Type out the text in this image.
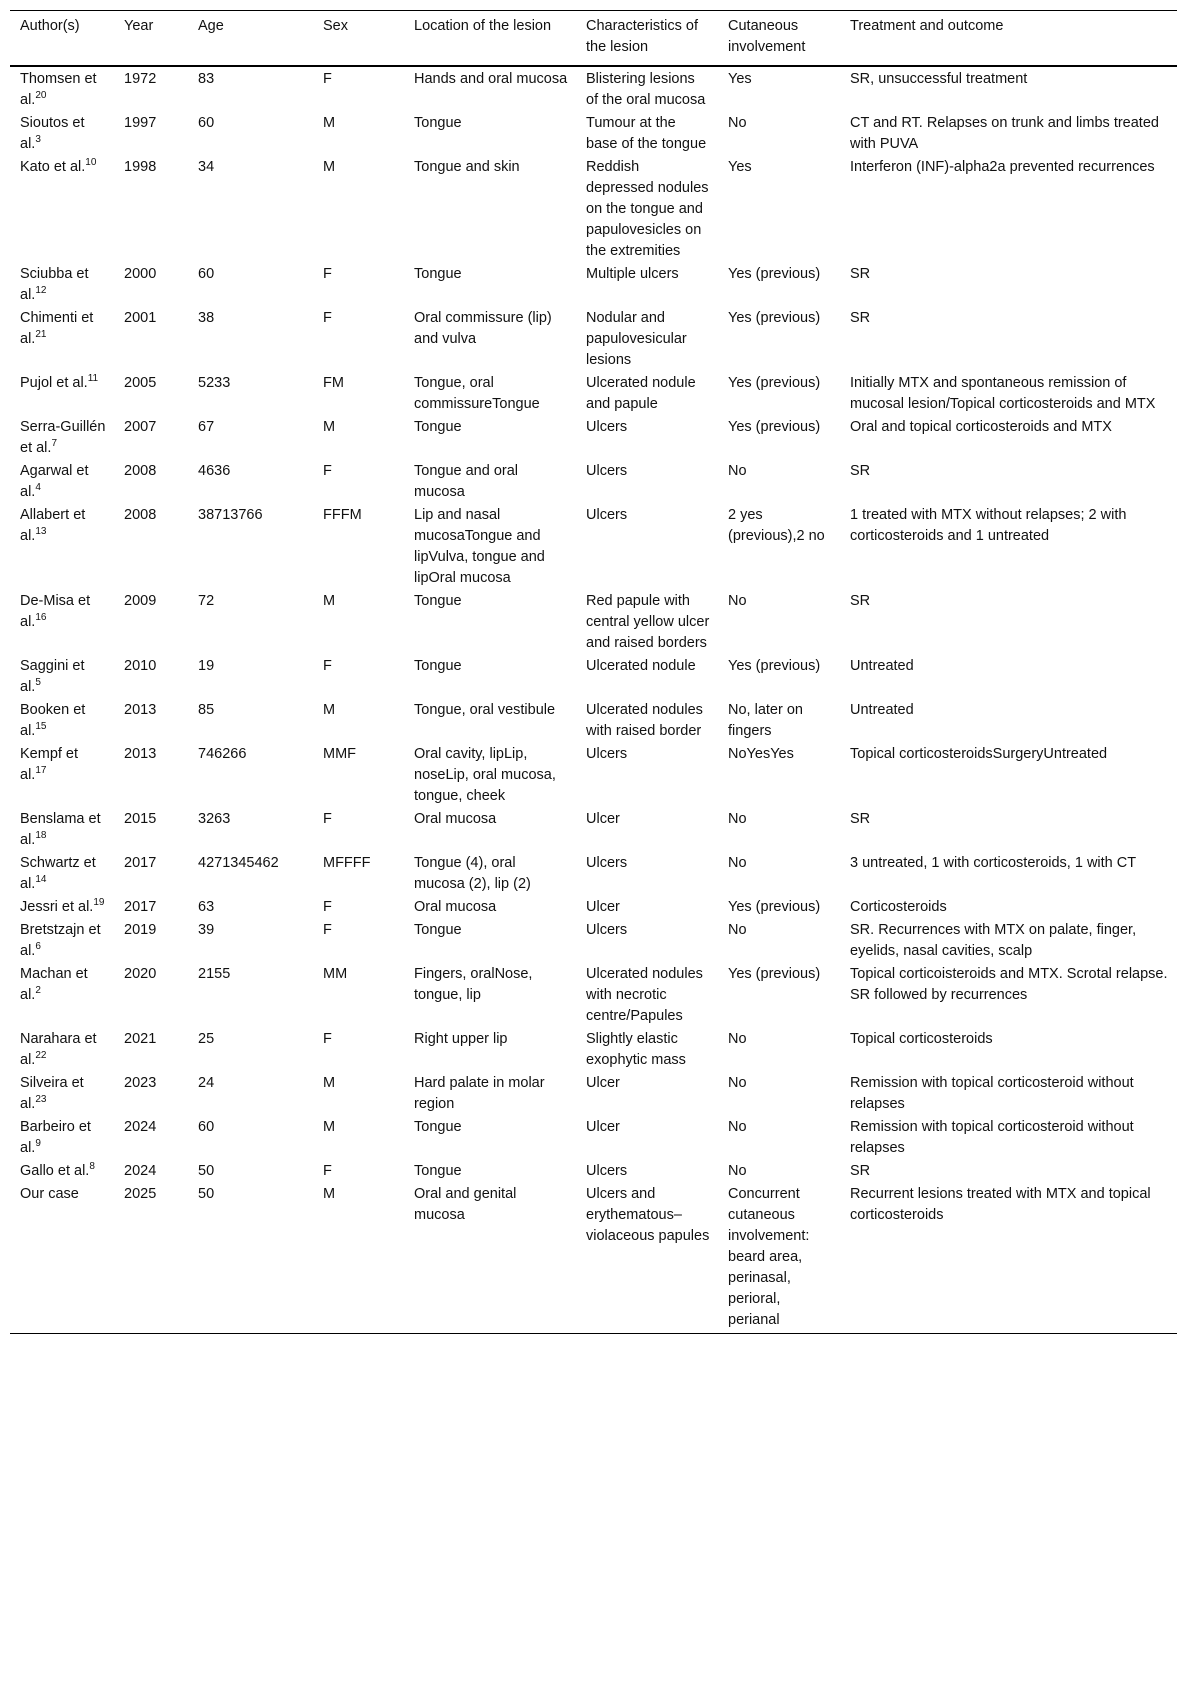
Author(s)	Year	Age	Sex	Location of the lesion	Characteristics of the lesion	Cutaneous involvement	Treatment and outcome
Thomsen et al.$^{20}$	1972	83	F	Hands and oral mucosa	Blistering lesions of the oral mucosa	Yes	SR, unsuccessful treatment
Sioutos et al.$^3$	1997	60	M	Tongue	Tumour at the base of the tongue	No	CT and RT. Relapses on trunk and limbs treated with PUVA
Kato et al.$^{10}$	1998	34	M	Tongue and skin	Reddish depressed nodules on the tongue and papulovesicles on the extremities	Yes	Interferon (INF)-alpha2a prevented recurrences
Sciubba et al.$^{12}$	2000	60	F	Tongue	Multiple ulcers	Yes (previous)	SR
Chimenti et al.$^{21}$	2001	38	F	Oral commissure (lip) and vulva	Nodular and papulovesicular lesions	Yes (previous)	SR
Pujol et al.$^{11}$	2005	5233	FM	Tongue, oral commissureTongue	Ulcerated nodule and papule	Yes (previous)	Initially MTX and spontaneous remission of mucosal lesion/Topical corticosteroids and MTX
Serra-Guillén et al.$^7$	2007	67	M	Tongue	Ulcers	Yes (previous)	Oral and topical corticosteroids and MTX
Agarwal et al.$^4$	2008	4636	F	Tongue and oral mucosa	Ulcers	No	SR
Allabert et al.$^{13}$	2008	38713766	FFFM	Lip and nasal mucosaTongue and lipVulva, tongue and lipOral mucosa	Ulcers	2 yes (previous),2 no	1 treated with MTX without relapses; 2 with corticosteroids and 1 untreated
De-Misa et al.$^{16}$	2009	72	M	Tongue	Red papule with central yellow ulcer and raised borders	No	SR
Saggini et al.$^5$	2010	19	F	Tongue	Ulcerated nodule	Yes (previous)	Untreated
Booken et al.$^{15}$	2013	85	M	Tongue, oral vestibule	Ulcerated nodules with raised border	No, later on fingers	Untreated
Kempf et al.$^{17}$	2013	746266	MMF	Oral cavity, lipLip, noseLip, oral mucosa, tongue, cheek	Ulcers	NoYesYes	Topical corticosteroidsSurgeryUntreated
Benslama et al.$^{18}$	2015	3263	F	Oral mucosa	Ulcer	No	SR
Schwartz et al.$^{14}$	2017	4271345462	MFFFF	Tongue (4), oral mucosa (2), lip (2)	Ulcers	No	3 untreated, 1 with corticosteroids, 1 with CT
Jessri et al.$^{19}$	2017	63	F	Oral mucosa	Ulcer	Yes (previous)	Corticosteroids
Bretstzajn et al.$^6$	2019	39	F	Tongue	Ulcers	No	SR. Recurrences with MTX on palate, finger, eyelids, nasal cavities, scalp
Machan et al.$^2$	2020	2155	MM	Fingers, oralNose, tongue, lip	Ulcerated nodules with necrotic centre/Papules	Yes (previous)	Topical corticoisteroids and MTX. Scrotal relapse. SR followed by recurrences
Narahara et al.$^{22}$	2021	25	F	Right upper lip	Slightly elastic exophytic mass	No	Topical corticosteroids
Silveira et al.$^{23}$	2023	24	M	Hard palate in molar region	Ulcer	No	Remission with topical corticosteroid without relapses
Barbeiro et al.$^9$	2024	60	M	Tongue	Ulcer	No	Remission with topical corticosteroid without relapses
Gallo et al.$^8$	2024	50	F	Tongue	Ulcers	No	SR
Our case	2025	50	M	Oral and genital mucosa	Ulcers and erythematous–violaceous papules	Concurrent cutaneous involvement: beard area, perinasal, perioral, perianal	Recurrent lesions treated with MTX and topical corticosteroids
